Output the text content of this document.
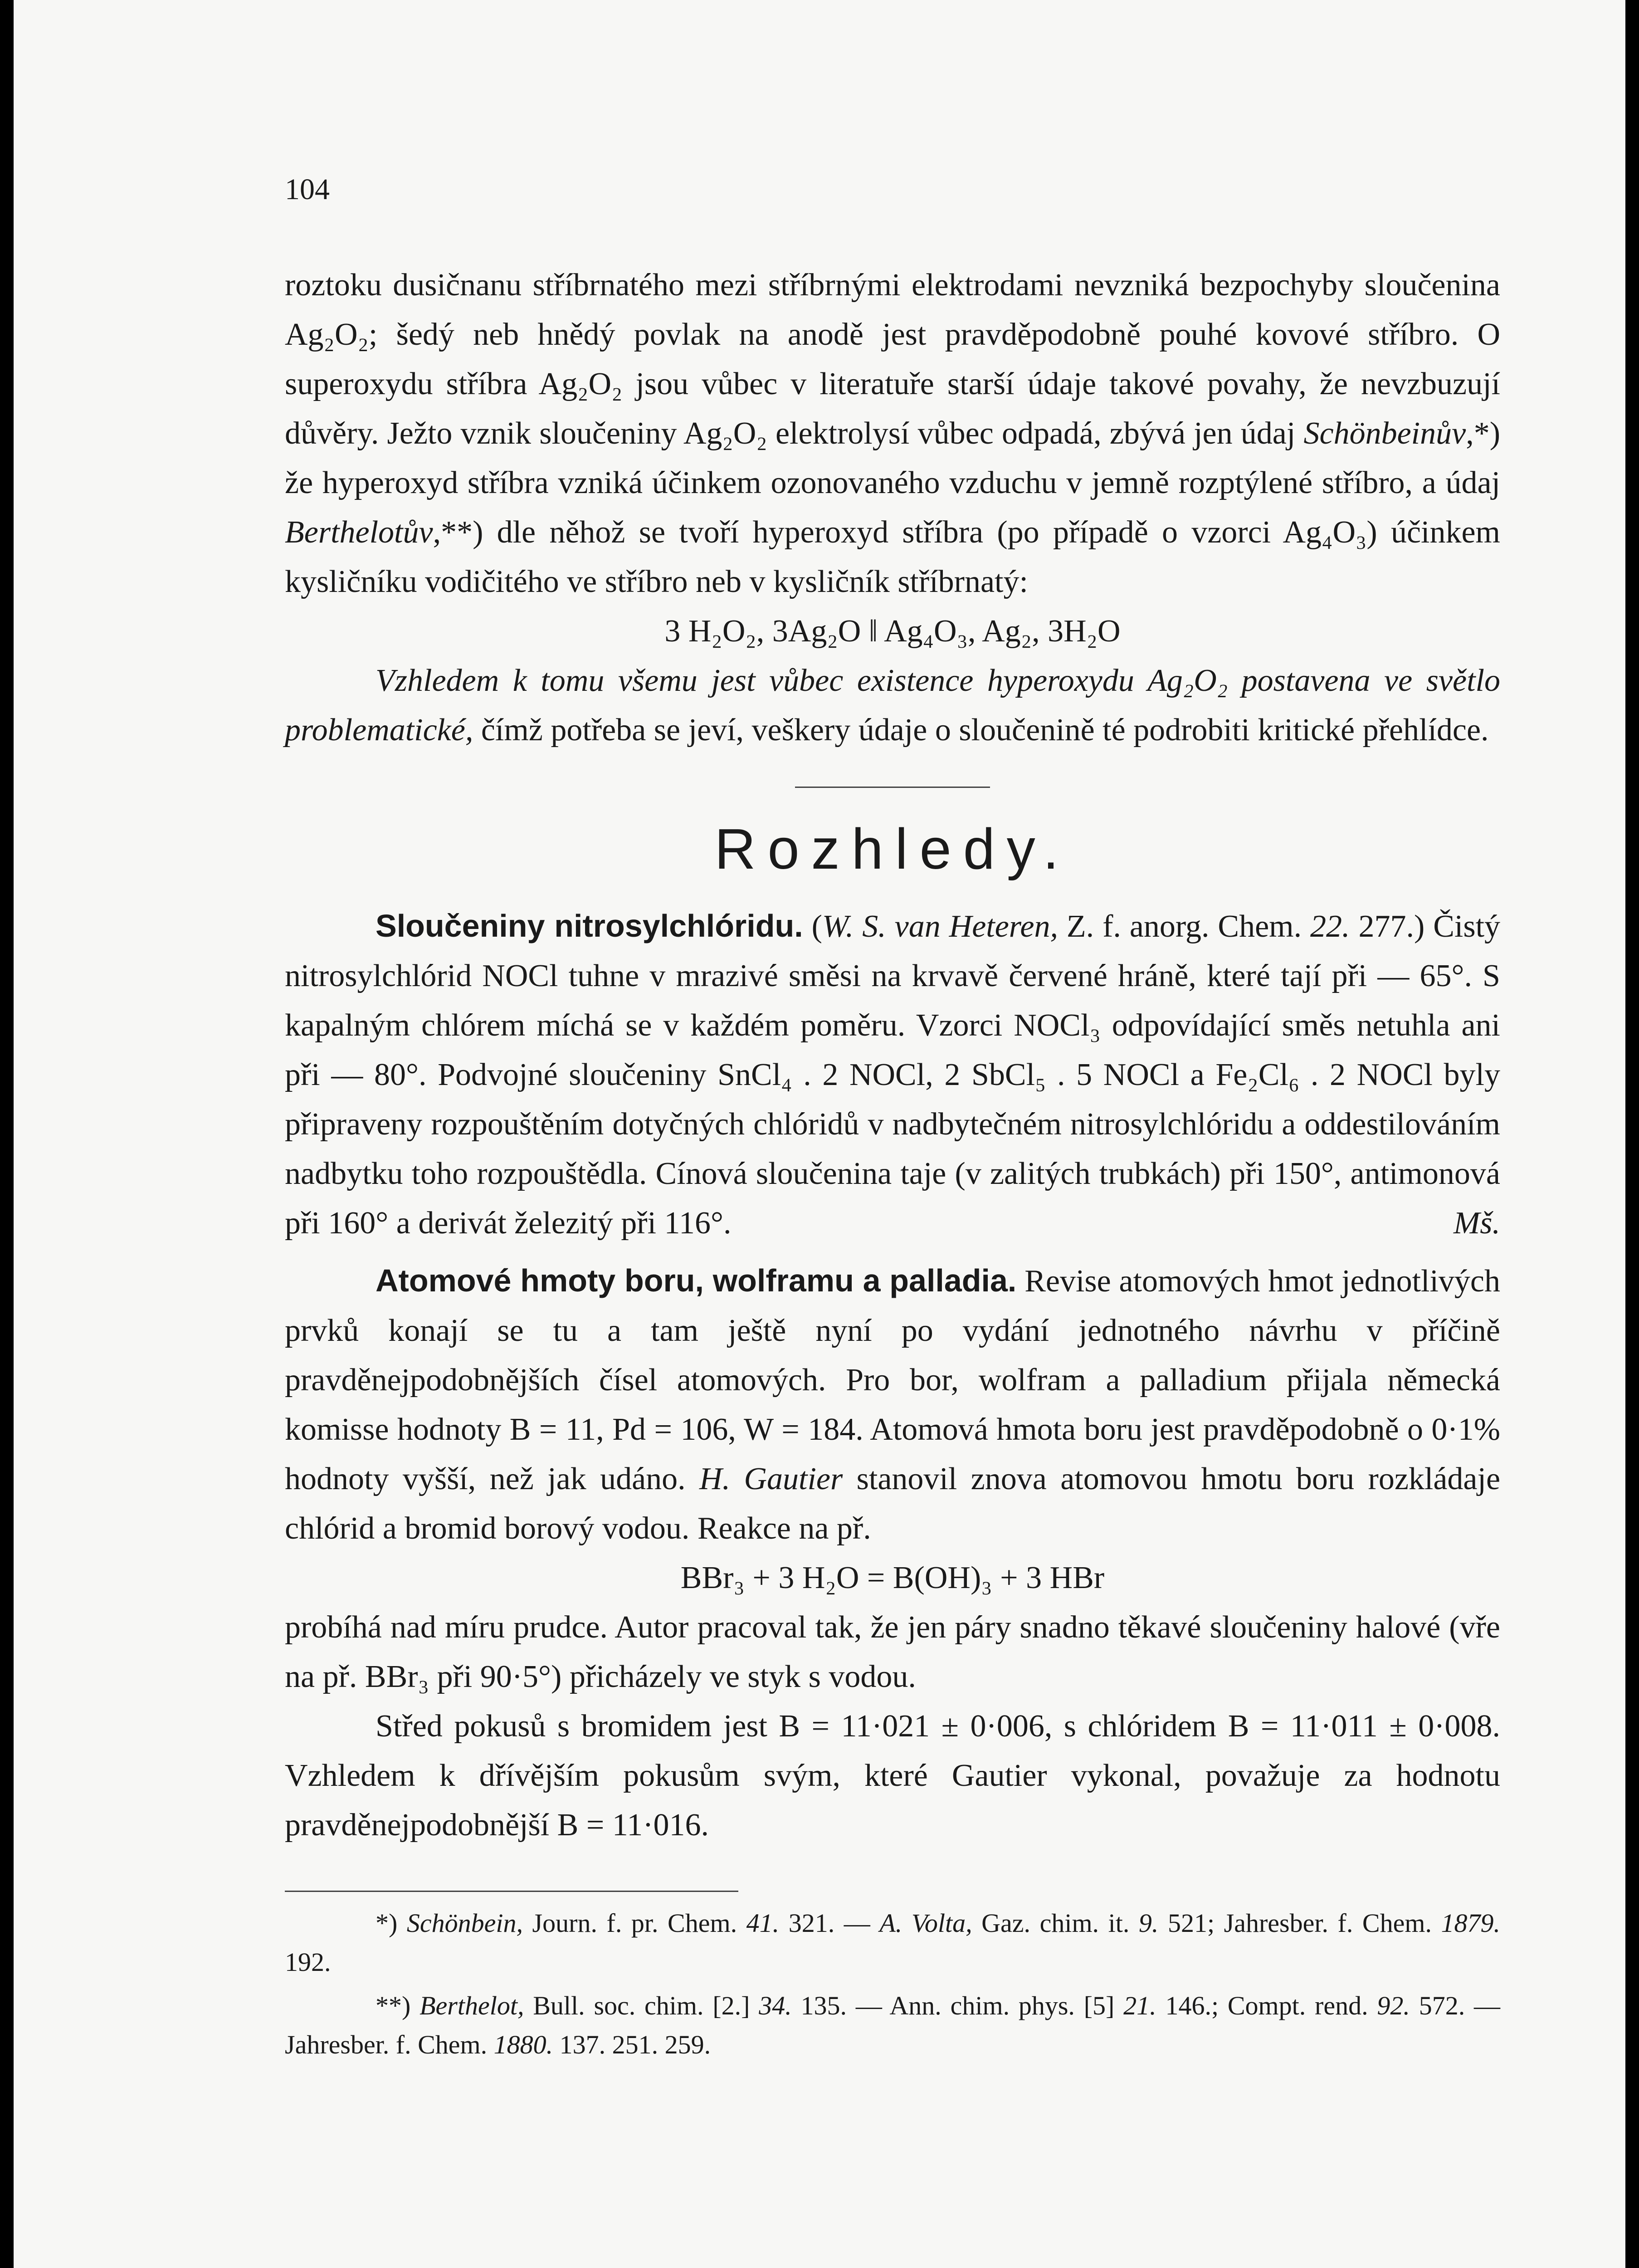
104

roztoku dusičnanu stříbrnatého mezi stříbrnými elektrodami nevzniká bezpochyby sloučenina Ag₂O₂; šedý neb hnědý povlak na anodě jest pravděpodobně pouhé kovové stříbro. O superoxydu stříbra Ag₂O₂ jsou vůbec v literatuře starší údaje takové povahy, že nevzbuzují důvěry. Ježto vznik sloučeniny Ag₂O₂ elektrolysí vůbec odpadá, zbývá jen údaj Schönbeinův,*) že hyperoxyd stříbra vzniká účinkem ozonovaného vzduchu v jemně rozptýlené stříbro, a údaj Berthelotův,**) dle něhož se tvoří hyperoxyd stříbra (po případě o vzorci Ag₄O₃) účinkem kysličníku vodičitého ve stříbro neb v kysličník stříbrnatý:

3 H₂O₂, 3Ag₂O ‖ Ag₄O₃, Ag₂, 3H₂O

Vzhledem k tomu všemu jest vůbec existence hyperoxydu Ag₂O₂ postavena ve světlo problematické, čímž potřeba se jeví, veškery údaje o sloučenině té podrobiti kritické přehlídce.

Rozhledy.

Sloučeniny nitrosylchlóridu. (W. S. van Heteren, Z. f. anorg. Chem. 22. 277.) Čistý nitrosylchlórid NOCl tuhne v mrazivé směsi na krvavě červené hráně, které tají při — 65°. S kapalným chlórem míchá se v každém poměru. Vzorci NOCl₃ odpovídající směs netuhla ani při — 80°. Podvojné sloučeniny SnCl₄ . 2 NOCl, 2 SbCl₅ . 5 NOCl a Fe₂Cl₆ . 2 NOCl byly připraveny rozpouštěním dotyčných chlóridů v nadbytečném nitrosylchlóridu a oddestilováním nadbytku toho rozpouštědla. Cínová sloučenina taje (v zalitých trubkách) při 150°, antimonová při 160° a derivát železitý při 116°.	Mš.

Atomové hmoty boru, wolframu a palladia. Revise atomových hmot jednotlivých prvků konají se tu a tam ještě nyní po vydání jednotného návrhu v příčině pravděnejpodobnějších čísel atomových. Pro bor, wolfram a palladium přijala německá komisse hodnoty B = 11, Pd = 106, W = 184. Atomová hmota boru jest pravděpodobně o 0·1% hodnoty vyšší, než jak udáno. H. Gautier stanovil znova atomovou hmotu boru rozkládaje chlórid a bromid borový vodou. Reakce na př.

BBr₃ + 3 H₂O = B(OH)₃ + 3 HBr

probíhá nad míru prudce. Autor pracoval tak, že jen páry snadno těkavé sloučeniny halové (vře na př. BBr₃ při 90·5°) přicházely ve styk s vodou.

Střed pokusů s bromidem jest B = 11·021 ± 0·006, s chlóridem B = 11·011 ± 0·008. Vzhledem k dřívějším pokusům svým, které Gautier vykonal, považuje za hodnotu pravděnejpodobnější B = 11·016.

*) Schönbein, Journ. f. pr. Chem. 41. 321. — A. Volta, Gaz. chim. it. 9. 521; Jahresber. f. Chem. 1879. 192.

**) Berthelot, Bull. soc. chim. [2.] 34. 135. — Ann. chim. phys. [5] 21. 146.; Compt. rend. 92. 572. — Jahresber. f. Chem. 1880. 137. 251. 259.
